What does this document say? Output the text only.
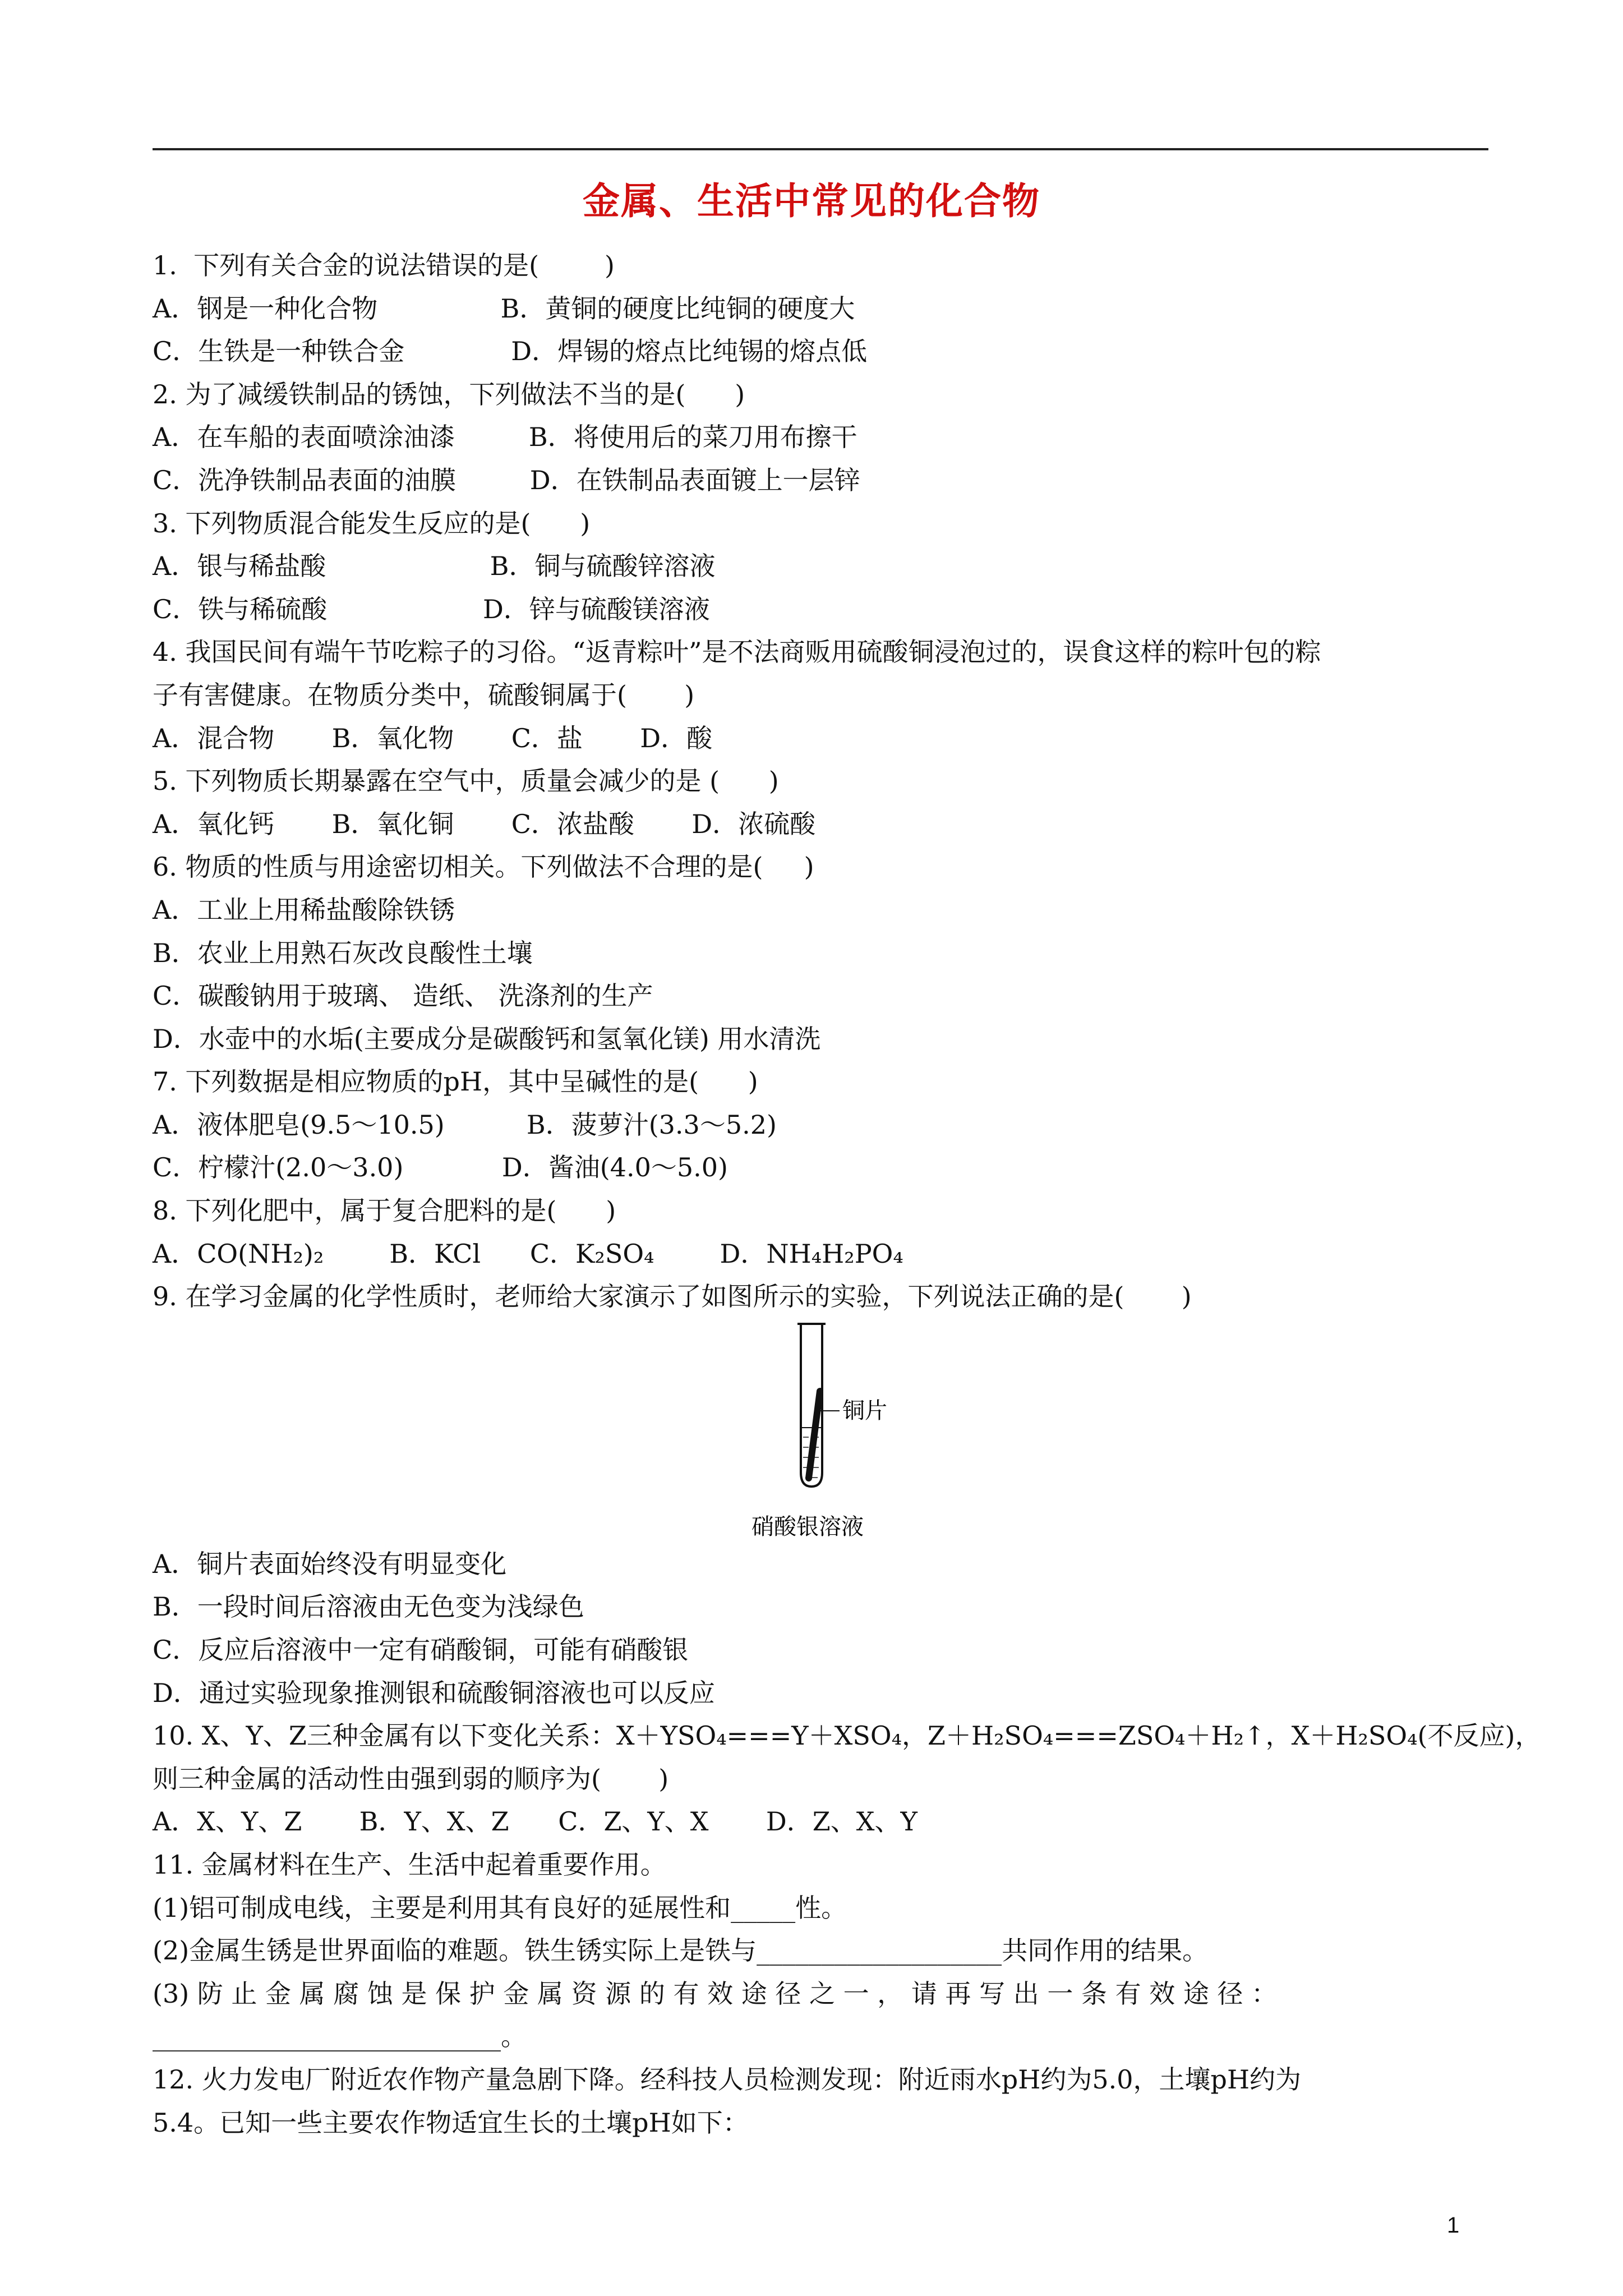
金属、生活中常见的化合物
1.  下列有关合金的说法错误的是(        )
A．钢是一种化合物               B．黄铜的硬度比纯铜的硬度大
C．生铁是一种铁合金             D．焊锡的熔点比纯锡的熔点低
2. 为了减缓铁制品的锈蚀，下列做法不当的是(      )
A．在车船的表面喷涂油漆         B．将使用后的菜刀用布擦干
C．洗净铁制品表面的油膜         D．在铁制品表面镀上一层锌
3. 下列物质混合能发生反应的是(      )
A．银与稀盐酸                    B．铜与硫酸锌溶液
C．铁与稀硫酸                   D．锌与硫酸镁溶液
4. 我国民间有端午节吃粽子的习俗。“返青粽叶”是不法商贩用硫酸铜浸泡过的，误食这样的粽叶包的粽
子有害健康。在物质分类中，硫酸铜属于(       )
A．混合物       B．氧化物       C．盐       D．酸
5. 下列物质长期暴露在空气中，质量会减少的是 (      )
A．氧化钙       B．氧化铜       C．浓盐酸       D．浓硫酸
6. 物质的性质与用途密切相关。下列做法不合理的是(     )
A．工业上用稀盐酸除铁锈
B．农业上用熟石灰改良酸性土壤
C．碳酸钠用于玻璃、 造纸、 洗涤剂的生产
D．水壶中的水垢(主要成分是碳酸钙和氢氧化镁) 用水清洗
7. 下列数据是相应物质的pH，其中呈碱性的是(      )
A．液体肥皂(9.5～10.5)          B．菠萝汁(3.3～5.2)
C．柠檬汁(2.0～3.0)            D．酱油(4.0～5.0)
8. 下列化肥中，属于复合肥料的是(      )
A．CO(NH₂)₂        B．KCl      C．K₂SO₄        D．NH₄H₂PO₄
9. 在学习金属的化学性质时，老师给大家演示了如图所示的实验，下列说法正确的是(       )
铜片
硝酸银溶液
A．铜片表面始终没有明显变化
B．一段时间后溶液由无色变为浅绿色
C．反应后溶液中一定有硝酸铜，可能有硝酸银
D．通过实验现象推测银和硫酸铜溶液也可以反应
10. X、Y、Z三种金属有以下变化关系：X＋YSO₄===Y＋XSO₄，Z＋H₂SO₄===ZSO₄＋H₂↑，X＋H₂SO₄(不反应)，
则三种金属的活动性由强到弱的顺序为(       )
A．X、Y、Z       B．Y、X、Z      C．Z、Y、X       D．Z、X、Y
11. 金属材料在生产、生活中起着重要作用。
(1)铝可制成电线，主要是利用其有良好的延展性和_____性。
(2)金属生锈是世界面临的难题。铁生锈实际上是铁与___________________共同作用的结果。
(3) 防 止 金 属 腐 蚀 是 保 护 金 属 资 源 的 有 效 途 径 之 一 ， 请 再 写 出 一 条 有 效 途 径 ：
___________________________。
12. 火力发电厂附近农作物产量急剧下降。经科技人员检测发现：附近雨水pH约为5.0，土壤pH约为
5.4。已知一些主要农作物适宜生长的土壤pH如下：
1
